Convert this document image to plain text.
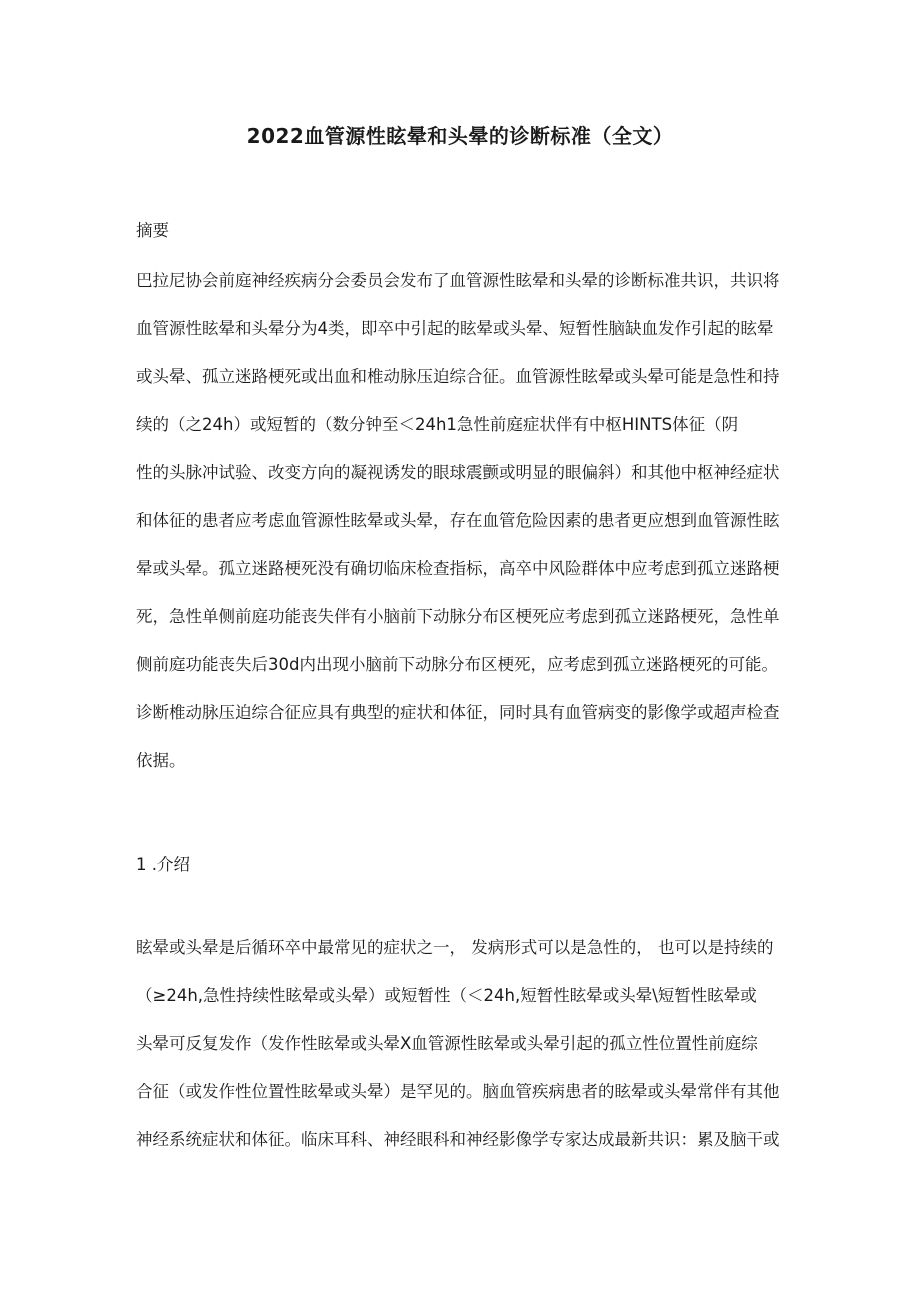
2022血管源性眩晕和头晕的诊断标准（全文）
摘要
巴拉尼协会前庭神经疾病分会委员会发布了血管源性眩晕和头晕的诊断标准共识，共识将
血管源性眩晕和头晕分为4类，即卒中引起的眩晕或头晕、短暂性脑缺血发作引起的眩晕
或头晕、孤立迷路梗死或出血和椎动脉压迫综合征。血管源性眩晕或头晕可能是急性和持
续的（之24h）或短暂的（数分钟至＜24h1急性前庭症状伴有中枢HINTS体征（阴
性的头脉冲试验、改变方向的凝视诱发的眼球震颤或明显的眼偏斜）和其他中枢神经症状
和体征的患者应考虑血管源性眩晕或头晕，存在血管危险因素的患者更应想到血管源性眩
晕或头晕。孤立迷路梗死没有确切临床检查指标，高卒中风险群体中应考虑到孤立迷路梗
死，急性单侧前庭功能丧失伴有小脑前下动脉分布区梗死应考虑到孤立迷路梗死，急性单
侧前庭功能丧失后30d内出现小脑前下动脉分布区梗死，应考虑到孤立迷路梗死的可能。
诊断椎动脉压迫综合征应具有典型的症状和体征，同时具有血管病变的影像学或超声检查
依据。
1 .介绍
眩晕或头晕是后循环卒中最常见的症状之一， 发病形式可以是急性的， 也可以是持续的
（≥24h,急性持续性眩晕或头晕）或短暂性（＜24h,短暂性眩晕或头晕\短暂性眩晕或
头晕可反复发作（发作性眩晕或头晕X血管源性眩晕或头晕引起的孤立性位置性前庭综
合征（或发作性位置性眩晕或头晕）是罕见的。脑血管疾病患者的眩晕或头晕常伴有其他
神经系统症状和体征。临床耳科、神经眼科和神经影像学专家达成最新共识：累及脑干或
